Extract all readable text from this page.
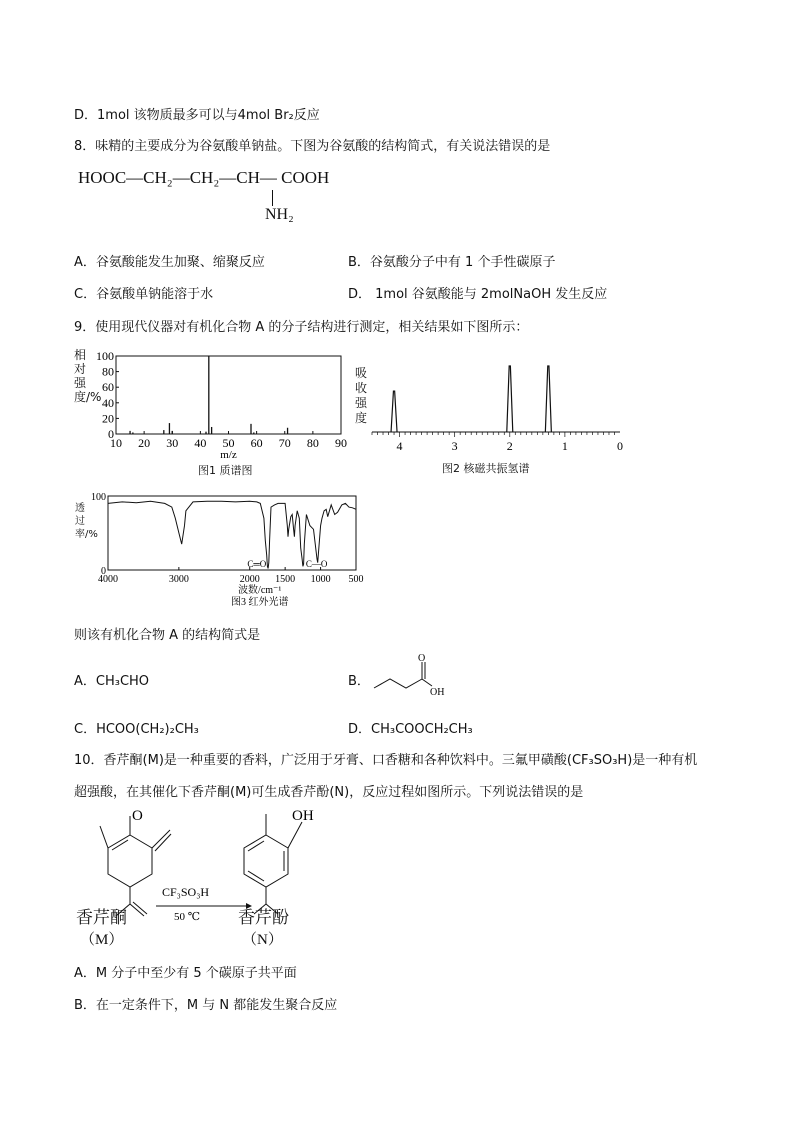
D．1mol 该物质最多可以与4mol Br₂反应
8．味精的主要成分为谷氨酸单钠盐。下图为谷氨酸的结构简式，有关说法错误的是
HOOC—CH₂—CH₂—CH— COOH
NH₂
A．谷氨酸能发生加聚、缩聚反应	B．谷氨酸分子中有 1 个手性碳原子
C．谷氨酸单钠能溶于水	D． 1mol 谷氨酸能与 2molNaOH 发生反应
9．使用现代仪器对有机化合物 A 的分子结构进行测定，相关结果如下图所示：
相对强度/%
100
80
60
40
20
0
10 20 30 40 50 60 70 80 90
m/z
图1 质谱图
吸收强度
4	3	2	1	0
图2 核磁共振氢谱
透过率/%
100
0
4000	3000	2000 1500 1000 500
波数/cm⁻¹
图3 红外光谱
C═O	C—O
则该有机化合物 A 的结构简式是
A．CH₃CHO	B．
O
OH
C．HCOO(CH₂)₂CH₃	D．CH₃COOCH₂CH₃
10．香芹酮(M)是一种重要的香料，广泛用于牙膏、口香糖和各种饮料中。三氟甲磺酸(CF₃SO₃H)是一种有机
超强酸，在其催化下香芹酮(M)可生成香芹酚(N)，反应过程如图所示。下列说法错误的是
O
CF₃SO₃H
50 ℃
OH
香芹酮
（M）
香芹酚
（N）
A．M 分子中至少有 5 个碳原子共平面
B．在一定条件下，M 与 N 都能发生聚合反应
